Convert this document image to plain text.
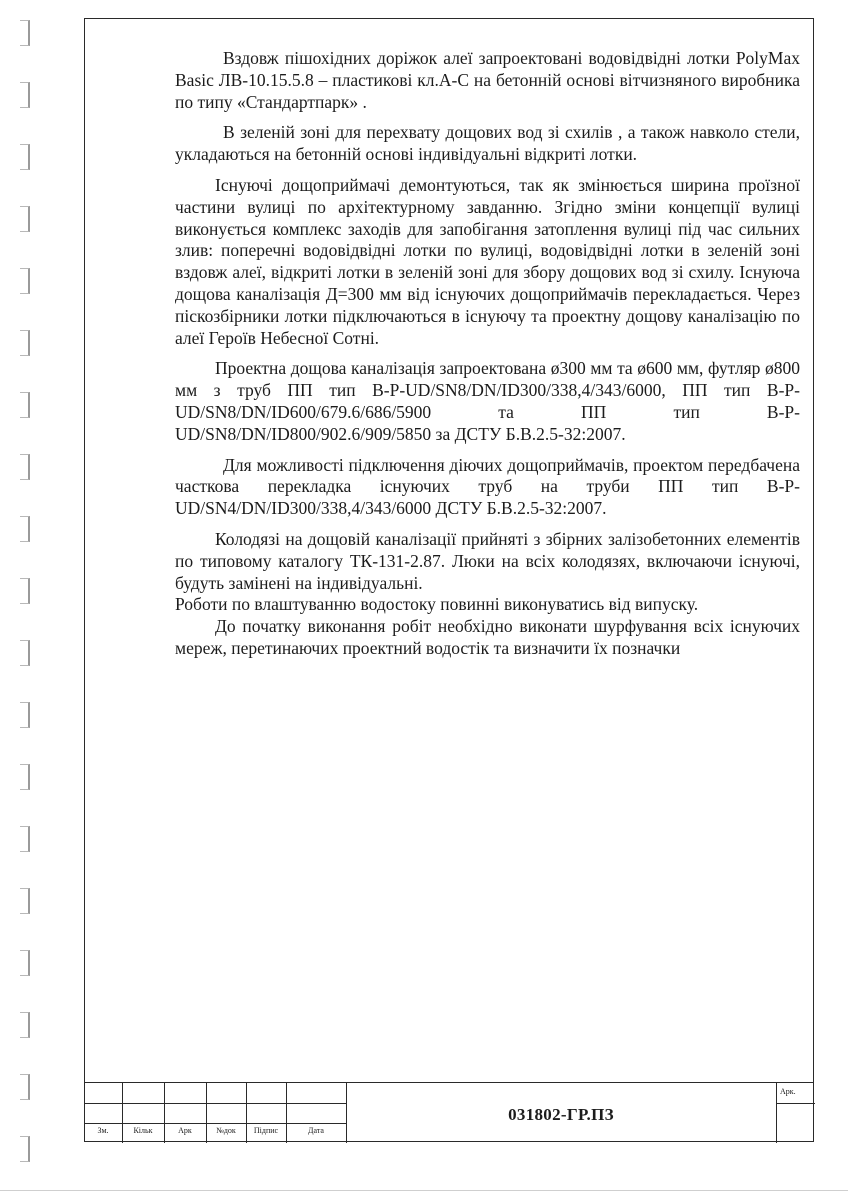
Вздовж пішохідних доріжок алеї запроектовані водовідвідні лотки PolyMax Basic ЛВ-10.15.5.8 – пластикові кл.А-С на бетонній основі вітчизняного виробника по типу «Стандартпарк» .

В зеленій зоні для перехвату дощових вод зі схилів , а також навколо стели, укладаються на бетонній основі індивідуальні відкриті лотки.

Існуючі дощоприймачі демонтуються, так як змінюється ширина проїзної частини вулиці по архітектурному завданню. Згідно зміни концепції вулиці виконується комплекс заходів для запобігання затоплення вулиці під час сильних злив: поперечні водовідвідні лотки по вулиці, водовідвідні лотки в зеленій зоні вздовж алеї, відкриті лотки в зеленій зоні для збору дощових вод зі схилу. Існуюча дощова каналізація Д=300 мм від існуючих дощоприймачів перекладається. Через піскозбірники лотки підключаються в існуючу та проектну дощову каналізацію по алеї Героїв Небесної Сотні.

Проектна дощова каналізація запроектована ø300 мм та ø600 мм, футляр ø800 мм з труб ПП тип B-P-UD/SN8/DN/ID300/338,4/343/6000, ПП тип B-P-UD/SN8/DN/ID600/679.6/686/5900 та ПП тип B-P-UD/SN8/DN/ID800/902.6/909/5850 за ДСТУ Б.В.2.5-32:2007.

Для можливості підключення діючих дощоприймачів, проектом передбачена часткова перекладка існуючих труб на труби ПП тип B-P-UD/SN4/DN/ID300/338,4/343/6000 ДСТУ Б.В.2.5-32:2007.

Колодязі на дощовій каналізації прийняті з збірних залізобетонних елементів по типовому каталогу ТК-131-2.87. Люки на всіх колодязях, включаючи існуючі, будуть замінені на індивідуальні.

Роботи по влаштуванню водостоку повинні виконуватись від випуску.

До початку виконання робіт необхідно виконати шурфування всіх існуючих мереж, перетинаючих проектний водостік та визначити їх позначки

Зм.	Кільк	Арк	№док	Підпис	Дата
031802-ГР.ПЗ
Арк.
